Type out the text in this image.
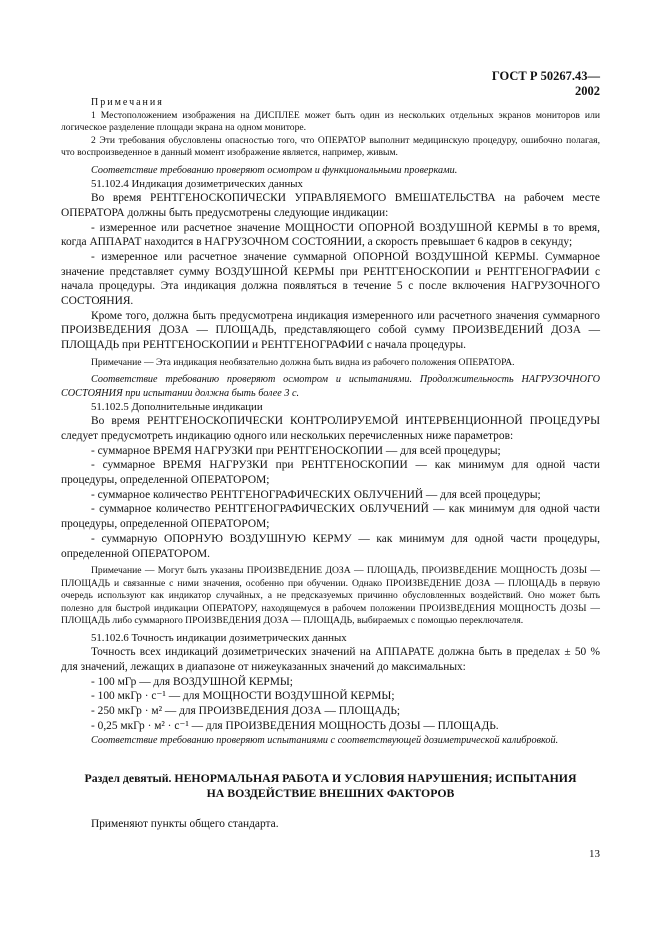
ГОСТ Р 50267.43—2002
Примечания
1 Местоположением изображения на ДИСПЛЕЕ может быть один из нескольких отдельных экранов мониторов или логическое разделение площади экрана на одном мониторе.
2 Эти требования обусловлены опасностью того, что ОПЕРАТОР выполнит медицинскую процедуру, ошибочно полагая, что воспроизведенное в данный момент изображение является, например, живым.

Соответствие требованию проверяют осмотром и функциональными проверками.

51.102.4 Индикация дозиметрических данных

Во время РЕНТГЕНОСКОПИЧЕСКИ УПРАВЛЯЕМОГО ВМЕШАТЕЛЬСТВА на рабочем месте ОПЕРАТОРА должны быть предусмотрены следующие индикации:

- измеренное или расчетное значение МОЩНОСТИ ОПОРНОЙ ВОЗДУШНОЙ КЕРМЫ в то время, когда АППАРАТ находится в НАГРУЗОЧНОМ СОСТОЯНИИ, а скорость превышает 6 кадров в секунду;

- измеренное или расчетное значение суммарной ОПОРНОЙ ВОЗДУШНОЙ КЕРМЫ. Суммарное значение представляет сумму ВОЗДУШНОЙ КЕРМЫ при РЕНТГЕНОСКОПИИ и РЕНТГЕНОГРАФИИ с начала процедуры. Эта индикация должна появляться в течение 5 с после включения НАГРУЗОЧНОГО СОСТОЯНИЯ.

Кроме того, должна быть предусмотрена индикация измеренного или расчетного значения суммарного ПРОИЗВЕДЕНИЯ ДОЗА — ПЛОЩАДЬ, представляющего собой сумму ПРОИЗВЕДЕНИЙ ДОЗА — ПЛОЩАДЬ при РЕНТГЕНОСКОПИИ и РЕНТГЕНОГРАФИИ с начала процедуры.

Примечание — Эта индикация необязательно должна быть видна из рабочего положения ОПЕРАТОРА.

Соответствие требованию проверяют осмотром и испытаниями. Продолжительность НАГРУЗОЧНОГО СОСТОЯНИЯ при испытании должна быть более 3 с.

51.102.5 Дополнительные индикации

Во время РЕНТГЕНОСКОПИЧЕСКИ КОНТРОЛИРУЕМОЙ ИНТЕРВЕНЦИОННОЙ ПРОЦЕДУРЫ следует предусмотреть индикацию одного или нескольких перечисленных ниже параметров:

- суммарное ВРЕМЯ НАГРУЗКИ при РЕНТГЕНОСКОПИИ — для всей процедуры;

- суммарное ВРЕМЯ НАГРУЗКИ при РЕНТГЕНОСКОПИИ — как минимум для одной части процедуры, определенной ОПЕРАТОРОМ;

- суммарное количество РЕНТГЕНОГРАФИЧЕСКИХ ОБЛУЧЕНИЙ — для всей процедуры;

- суммарное количество РЕНТГЕНОГРАФИЧЕСКИХ ОБЛУЧЕНИЙ — как минимум для одной части процедуры, определенной ОПЕРАТОРОМ;

- суммарную ОПОРНУЮ ВОЗДУШНУЮ КЕРМУ — как минимум для одной части процедуры, определенной ОПЕРАТОРОМ.

Примечание — Могут быть указаны ПРОИЗВЕДЕНИЕ ДОЗА — ПЛОЩАДЬ, ПРОИЗВЕДЕНИЕ МОЩНОСТЬ ДОЗЫ — ПЛОЩАДЬ и связанные с ними значения, особенно при обучении. Однако ПРОИЗВЕДЕНИЕ ДОЗА — ПЛОЩАДЬ в первую очередь используют как индикатор случайных, а не предсказуемых причинно обусловленных воздействий. Оно может быть полезно для быстрой индикации ОПЕРАТОРУ, находящемуся в рабочем положении ПРОИЗВЕДЕНИЯ МОЩНОСТЬ ДОЗЫ — ПЛОЩАДЬ либо суммарного ПРОИЗВЕДЕНИЯ ДОЗА — ПЛОЩАДЬ, выбираемых с помощью переключателя.

51.102.6 Точность индикации дозиметрических данных

Точность всех индикаций дозиметрических значений на АППАРАТЕ должна быть в пределах ± 50 % для значений, лежащих в диапазоне от нижеуказанных значений до максимальных:

- 100 мГр — для ВОЗДУШНОЙ КЕРМЫ;

- 100 мкГр · с⁻¹ — для МОЩНОСТИ ВОЗДУШНОЙ КЕРМЫ;

- 250 мкГр · м² — для ПРОИЗВЕДЕНИЯ ДОЗА — ПЛОЩАДЬ;

- 0,25 мкГр · м² · с⁻¹ — для ПРОИЗВЕДЕНИЯ МОЩНОСТЬ ДОЗЫ — ПЛОЩАДЬ.

Соответствие требованию проверяют испытаниями с соответствующей дозиметрической калибровкой.

Раздел девятый. НЕНОРМАЛЬНАЯ РАБОТА И УСЛОВИЯ НАРУШЕНИЯ; ИСПЫТАНИЯ

НА ВОЗДЕЙСТВИЕ ВНЕШНИХ ФАКТОРОВ

Применяют пункты общего стандарта.

13
